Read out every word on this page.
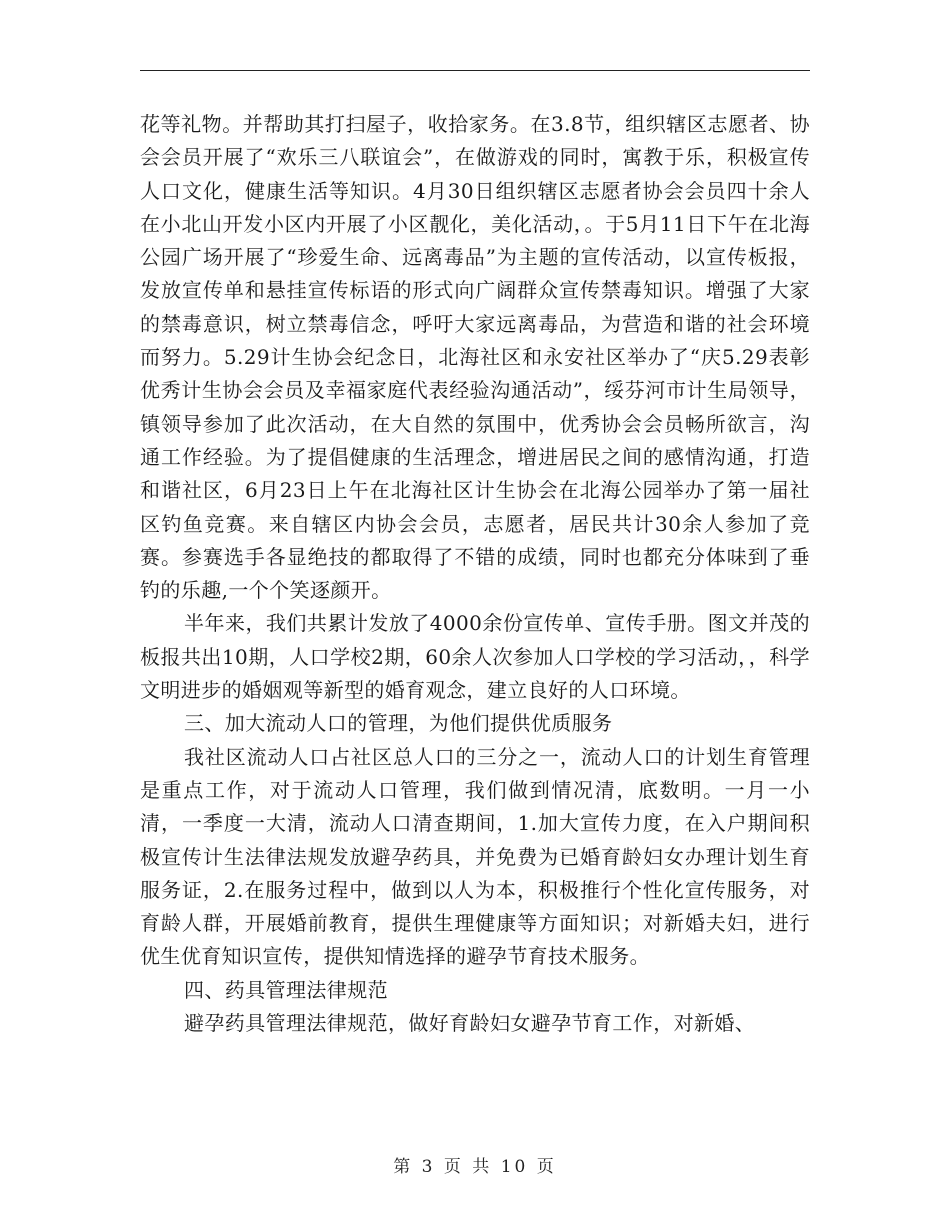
花等礼物。并帮助其打扫屋子，收拾家务。在3.8节，组织辖区志愿者、协会会员开展了“欢乐三八联谊会”，在做游戏的同时，寓教于乐，积极宣传人口文化，健康生活等知识。4月30日组织辖区志愿者协会会员四十余人在小北山开发小区内开展了小区靓化，美化活动，。于5月11日下午在北海公园广场开展了“珍爱生命、远离毒品”为主题的宣传活动，以宣传板报，发放宣传单和悬挂宣传标语的形式向广阔群众宣传禁毒知识。增强了大家的禁毒意识，树立禁毒信念，呼吁大家远离毒品，为营造和谐的社会环境而努力。5.29计生协会纪念日，北海社区和永安社区举办了“庆5.29表彰优秀计生协会会员及幸福家庭代表经验沟通活动”，绥芬河市计生局领导，镇领导参加了此次活动，在大自然的氛围中，优秀协会会员畅所欲言，沟通工作经验。为了提倡健康的生活理念，增进居民之间的感情沟通，打造和谐社区，6月23日上午在北海社区计生协会在北海公园举办了第一届社区钓鱼竞赛。来自辖区内协会会员，志愿者，居民共计30余人参加了竞赛。参赛选手各显绝技的都取得了不错的成绩，同时也都充分体味到了垂钓的乐趣,一个个笑逐颜开。

半年来，我们共累计发放了4000余份宣传单、宣传手册。图文并茂的板报共出10期，人口学校2期，60余人次参加人口学校的学习活动，，科学文明进步的婚姻观等新型的婚育观念，建立良好的人口环境。

三、加大流动人口的管理，为他们提供优质服务

我社区流动人口占社区总人口的三分之一，流动人口的计划生育管理是重点工作，对于流动人口管理，我们做到情况清，底数明。一月一小清，一季度一大清，流动人口清查期间，1.加大宣传力度，在入户期间积极宣传计生法律法规发放避孕药具，并免费为已婚育龄妇女办理计划生育服务证，2.在服务过程中，做到以人为本，积极推行个性化宣传服务，对育龄人群，开展婚前教育，提供生理健康等方面知识；对新婚夫妇，进行优生优育知识宣传，提供知情选择的避孕节育技术服务。

四、药具管理法律规范

避孕药具管理法律规范，做好育龄妇女避孕节育工作，对新婚、

第 3 页 共 10 页
